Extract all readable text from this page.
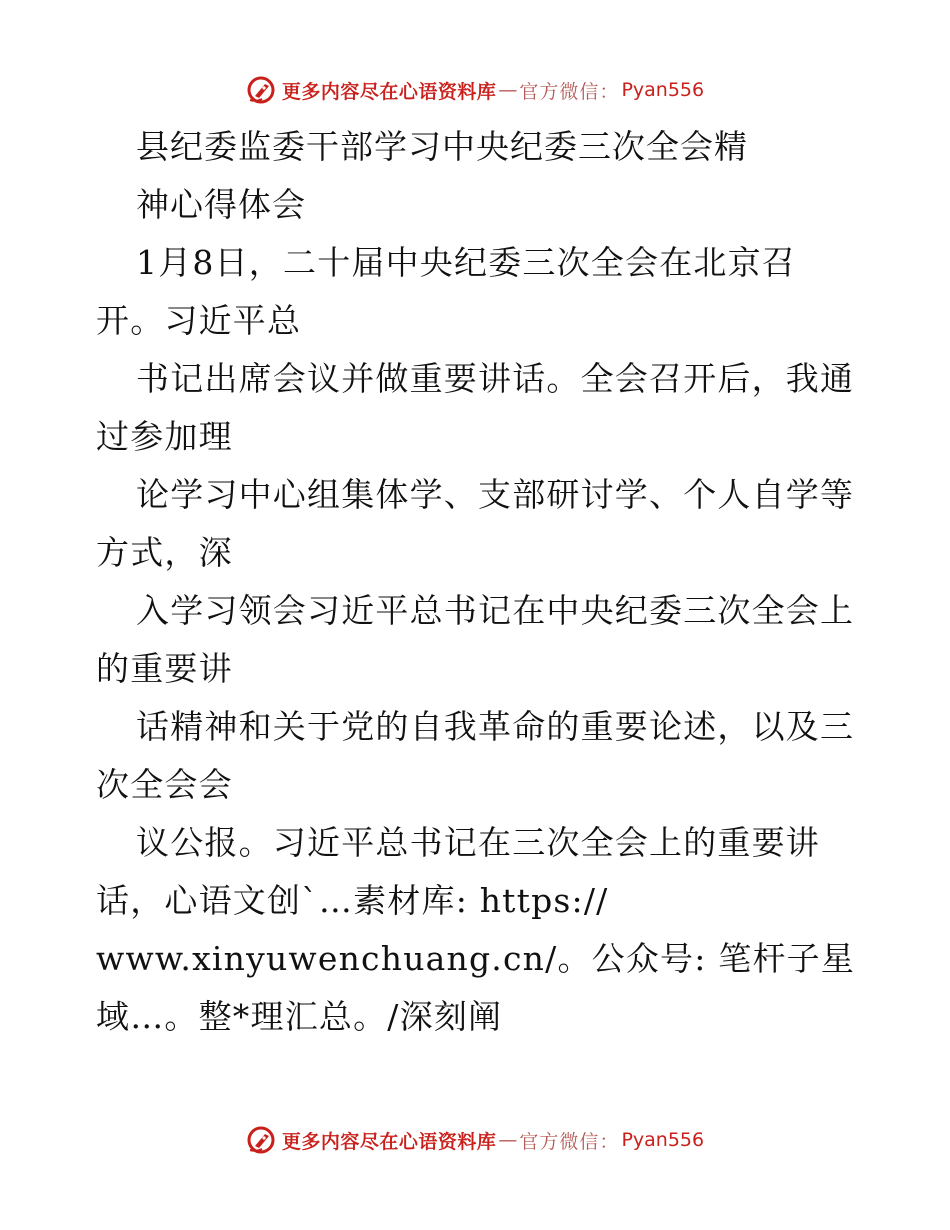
更多内容尽在心语资料库 — 官方微信： Pyan556
县纪委监委干部学习中央纪委三次全会精
神心得体会
1月8日，二十届中央纪委三次全会在北京召
开。习近平总
书记出席会议并做重要讲话。全会召开后，我通
过参加理
论学习中心组集体学、支部研讨学、个人自学等
方式，深
入学习领会习近平总书记在中央纪委三次全会上
的重要讲
话精神和关于党的自我革命的重要论述，以及三
次全会会
议公报。习近平总书记在三次全会上的重要讲
话，心语文创`…素材库: https://
www.xinyuwenchuang.cn/。公众号: 笔杆子星
域…。整*理汇总。/深刻阐
更多内容尽在心语资料库 — 官方微信： Pyan556
